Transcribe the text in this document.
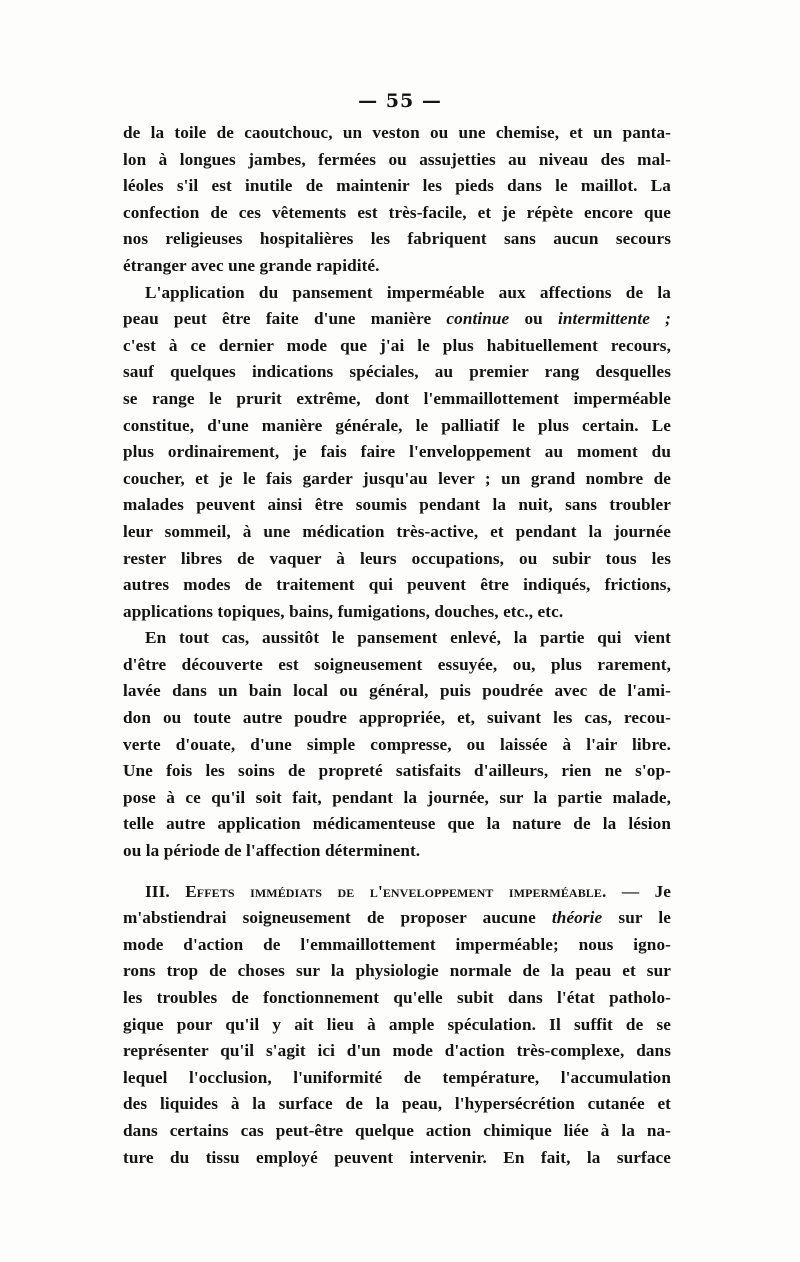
— 55 —
de la toile de caoutchouc, un veston ou une chemise, et un panta-
lon à longues jambes, fermées ou assujetties au niveau des mal-
léoles s'il est inutile de maintenir les pieds dans le maillot. La
confection de ces vêtements est très-facile, et je répète encore que
nos religieuses hospitalières les fabriquent sans aucun secours
étranger avec une grande rapidité.
L'application du pansement imperméable aux affections de la
peau peut être faite d'une manière continue ou intermittente ;
c'est à ce dernier mode que j'ai le plus habituellement recours,
sauf quelques indications spéciales, au premier rang desquelles
se range le prurit extrême, dont l'emmaillottement imperméable
constitue, d'une manière générale, le palliatif le plus certain. Le
plus ordinairement, je fais faire l'enveloppement au moment du
coucher, et je le fais garder jusqu'au lever ; un grand nombre de
malades peuvent ainsi être soumis pendant la nuit, sans troubler
leur sommeil, à une médication très-active, et pendant la journée
rester libres de vaquer à leurs occupations, ou subir tous les
autres modes de traitement qui peuvent être indiqués, frictions,
applications topiques, bains, fumigations, douches, etc., etc.
En tout cas, aussitôt le pansement enlevé, la partie qui vient
d'être découverte est soigneusement essuyée, ou, plus rarement,
lavée dans un bain local ou général, puis poudrée avec de l'ami-
don ou toute autre poudre appropriée, et, suivant les cas, recou-
verte d'ouate, d'une simple compresse, ou laissée à l'air libre.
Une fois les soins de propreté satisfaits d'ailleurs, rien ne s'op-
pose à ce qu'il soit fait, pendant la journée, sur la partie malade,
telle autre application médicamenteuse que la nature de la lésion
ou la période de l'affection déterminent.
III. Effets immédiats de l'enveloppement imperméable. — Je
m'abstiendrai soigneusement de proposer aucune théorie sur le
mode d'action de l'emmaillottement imperméable; nous igno-
rons trop de choses sur la physiologie normale de la peau et sur
les troubles de fonctionnement qu'elle subit dans l'état patholo-
gique pour qu'il y ait lieu à ample spéculation. Il suffit de se
représenter qu'il s'agit ici d'un mode d'action très-complexe, dans
lequel l'occlusion, l'uniformité de température, l'accumulation
des liquides à la surface de la peau, l'hypersécrétion cutanée et
dans certains cas peut-être quelque action chimique liée à la na-
ture du tissu employé peuvent intervenir. En fait, la surface
